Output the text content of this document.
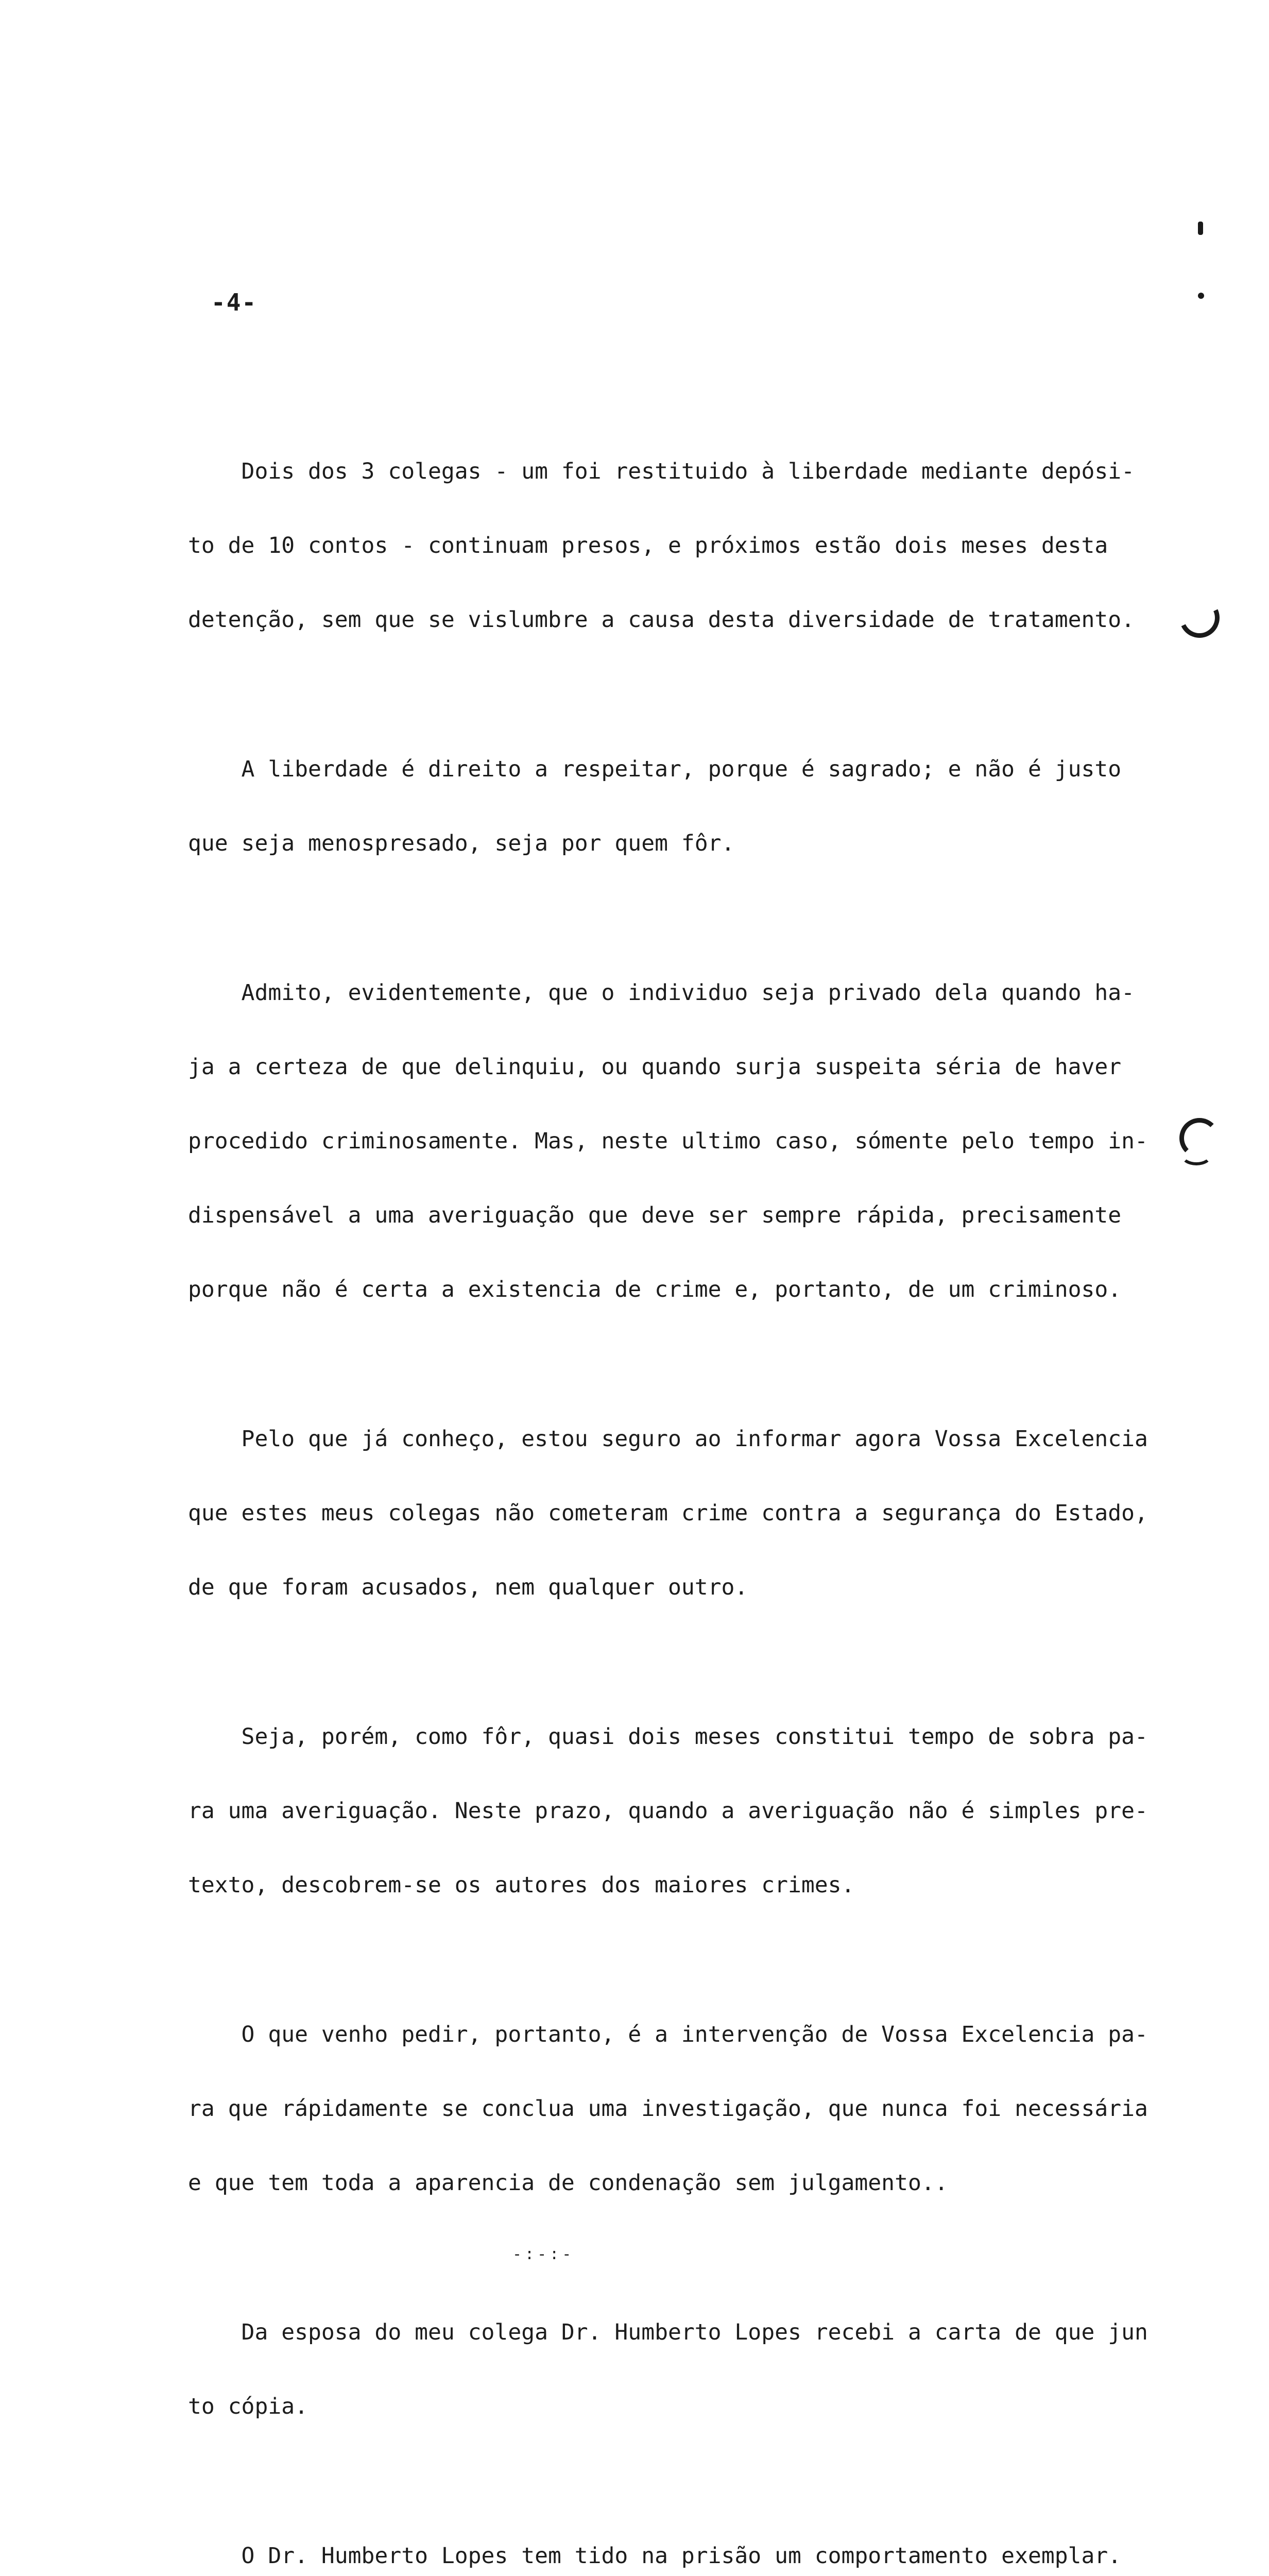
-4-

Dois dos 3 colegas - um foi restituido à liberdade mediante depósi-

to de 10 contos - continuam presos, e próximos estão dois meses desta

detenção, sem que se vislumbre a causa desta diversidade de tratamento.

A liberdade é direito a respeitar, porque é sagrado; e não é justo

que seja menospresado, seja por quem fôr.

Admito, evidentemente, que o individuo seja privado dela quando ha-

ja a certeza de que delinquiu, ou quando surja suspeita séria de haver

procedido criminosamente. Mas, neste ultimo caso, sómente pelo tempo in-

dispensável a uma averiguação que deve ser sempre rápida, precisamente

porque não é certa a existencia de crime e, portanto, de um criminoso.

Pelo que já conheço, estou seguro ao informar agora Vossa Excelencia

que estes meus colegas não cometeram crime contra a segurança do Estado,

de que foram acusados, nem qualquer outro.

Seja, porém, como fôr, quasi dois meses constitui tempo de sobra pa-

ra uma averiguação. Neste prazo, quando a averiguação não é simples pre-

texto, descobrem-se os autores dos maiores crimes.

O que venho pedir, portanto, é a intervenção de Vossa Excelencia pa-

ra que rápidamente se conclua uma investigação, que nunca foi necessária

e que tem toda a aparencia de condenação sem julgamento..

-:-:-

Da esposa do meu colega Dr. Humberto Lopes recebi a carta de que jun

to cópia.

O Dr. Humberto Lopes tem tido na prisão um comportamento exemplar.
